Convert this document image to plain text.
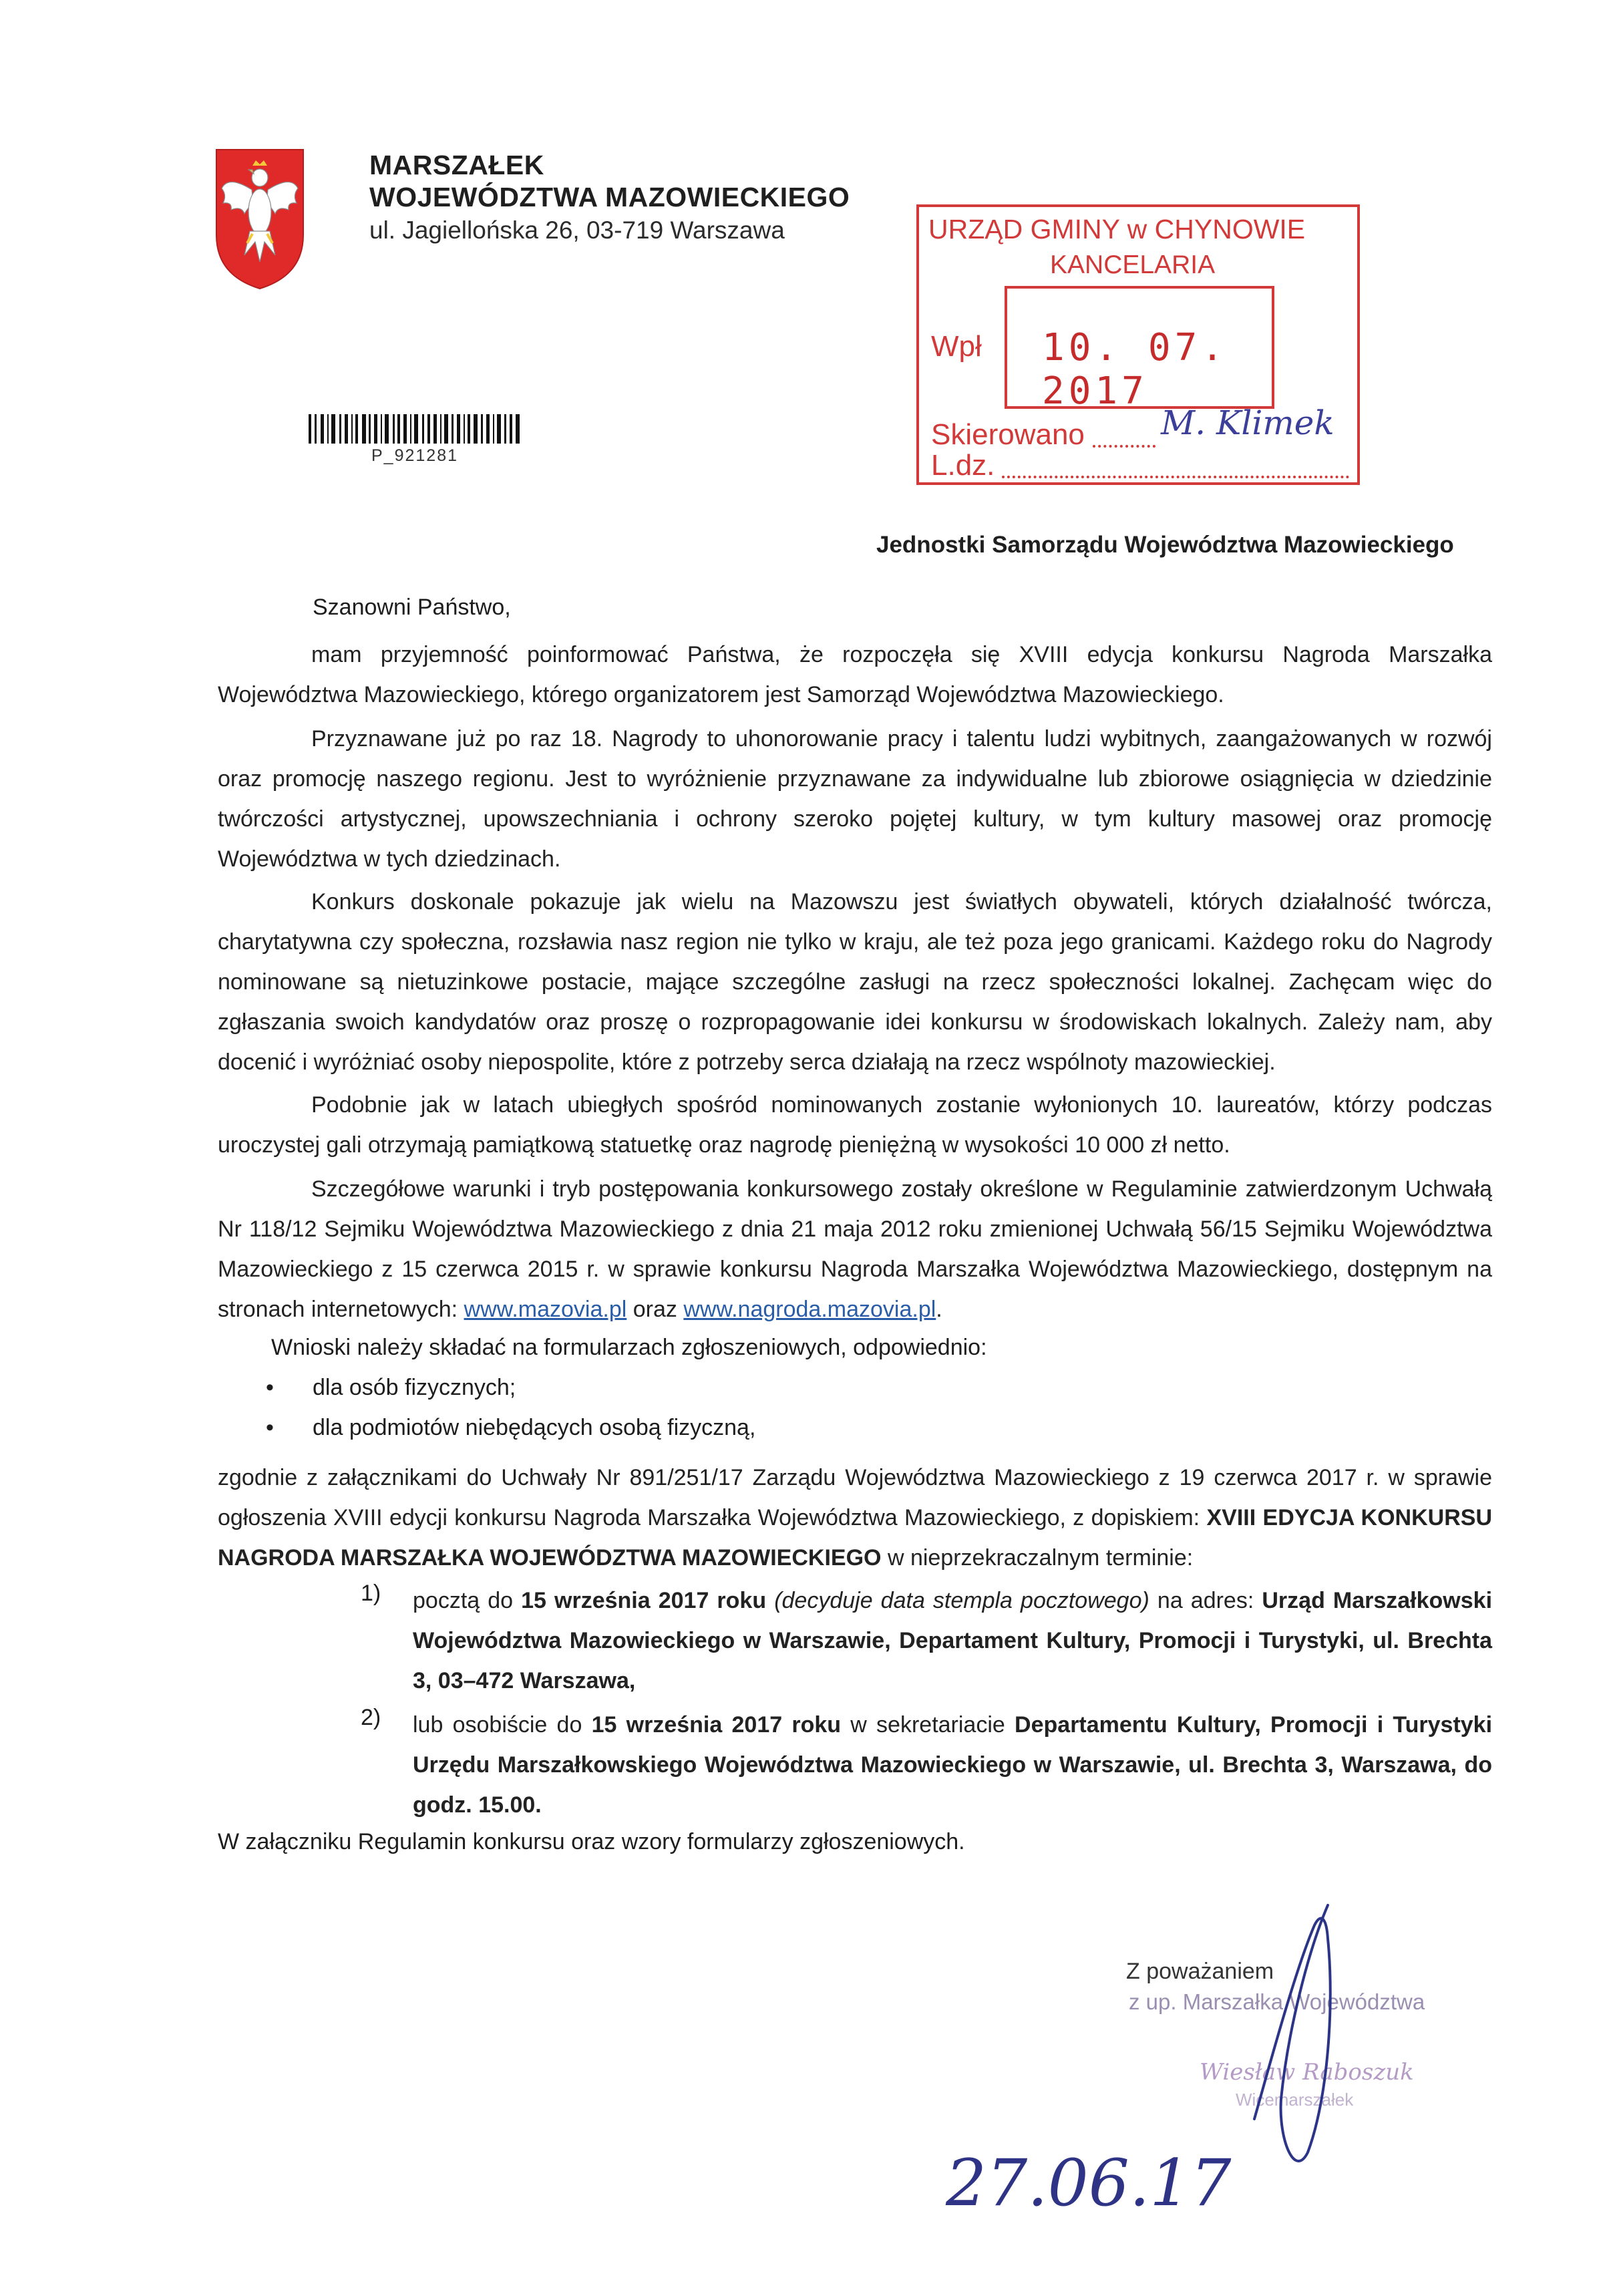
MARSZAŁEK
WOJEWÓDZTWA MAZOWIECKIEGO
ul. Jagiellońska 26, 03-719 Warszawa
P_921281
URZĄD GMINY w CHYNOWIE
KANCELARIA
10. 07. 2017
Wpł
Skierowano M. Klimek
L.dz.
Jednostki Samorządu Województwa Mazowieckiego
Szanowni Państwo,
mam przyjemność poinformować Państwa, że rozpoczęła się XVIII edycja konkursu Nagroda Marszałka Województwa Mazowieckiego, którego organizatorem jest Samorząd Województwa Mazowieckiego.
Przyznawane już po raz 18. Nagrody to uhonorowanie pracy i talentu ludzi wybitnych, zaangażowanych w rozwój oraz promocję naszego regionu. Jest to wyróżnienie przyznawane za indywidualne lub zbiorowe osiągnięcia w dziedzinie twórczości artystycznej, upowszechniania i ochrony szeroko pojętej kultury, w tym kultury masowej oraz promocję Województwa w tych dziedzinach.
Konkurs doskonale pokazuje jak wielu na Mazowszu jest światłych obywateli, których działalność twórcza, charytatywna czy społeczna, rozsławia nasz region nie tylko w kraju, ale też poza jego granicami. Każdego roku do Nagrody nominowane są nietuzinkowe postacie, mające szczególne zasługi na rzecz społeczności lokalnej. Zachęcam więc do zgłaszania swoich kandydatów oraz proszę o rozpropagowanie idei konkursu w środowiskach lokalnych. Zależy nam, aby docenić i wyróżniać osoby niepospolite, które z potrzeby serca działają na rzecz wspólnoty mazowieckiej.
Podobnie jak w latach ubiegłych spośród nominowanych zostanie wyłonionych 10. laureatów, którzy podczas uroczystej gali otrzymają pamiątkową statuetkę oraz nagrodę pieniężną w wysokości 10 000 zł netto.
Szczegółowe warunki i tryb postępowania konkursowego zostały określone w Regulaminie zatwierdzonym Uchwałą Nr 118/12 Sejmiku Województwa Mazowieckiego z dnia 21 maja 2012 roku zmienionej Uchwałą 56/15 Sejmiku Województwa Mazowieckiego z 15 czerwca 2015 r. w sprawie konkursu Nagroda Marszałka Województwa Mazowieckiego, dostępnym na stronach internetowych: www.mazovia.pl oraz www.nagroda.mazovia.pl.
Wnioski należy składać na formularzach zgłoszeniowych, odpowiednio:
• dla osób fizycznych;
• dla podmiotów niebędących osobą fizyczną,
zgodnie z załącznikami do Uchwały Nr 891/251/17 Zarządu Województwa Mazowieckiego z 19 czerwca 2017 r. w sprawie ogłoszenia XVIII edycji konkursu Nagroda Marszałka Województwa Mazowieckiego, z dopiskiem: XVIII EDYCJA KONKURSU NAGRODA MARSZAŁKA WOJEWÓDZTWA MAZOWIECKIEGO w nieprzekraczalnym terminie:
1) pocztą do 15 września 2017 roku (decyduje data stempla pocztowego) na adres: Urząd Marszałkowski Województwa Mazowieckiego w Warszawie, Departament Kultury, Promocji i Turystyki, ul. Brechta 3, 03–472 Warszawa,
2) lub osobiście do 15 września 2017 roku w sekretariacie Departamentu Kultury, Promocji i Turystyki Urzędu Marszałkowskiego Województwa Mazowieckiego w Warszawie, ul. Brechta 3, Warszawa, do godz. 15.00.
W załączniku Regulamin konkursu oraz wzory formularzy zgłoszeniowych.
Z poważaniem
z up. Marszałka Województwa
Wiesław Raboszuk
Wicemarszałek
27.06.17
